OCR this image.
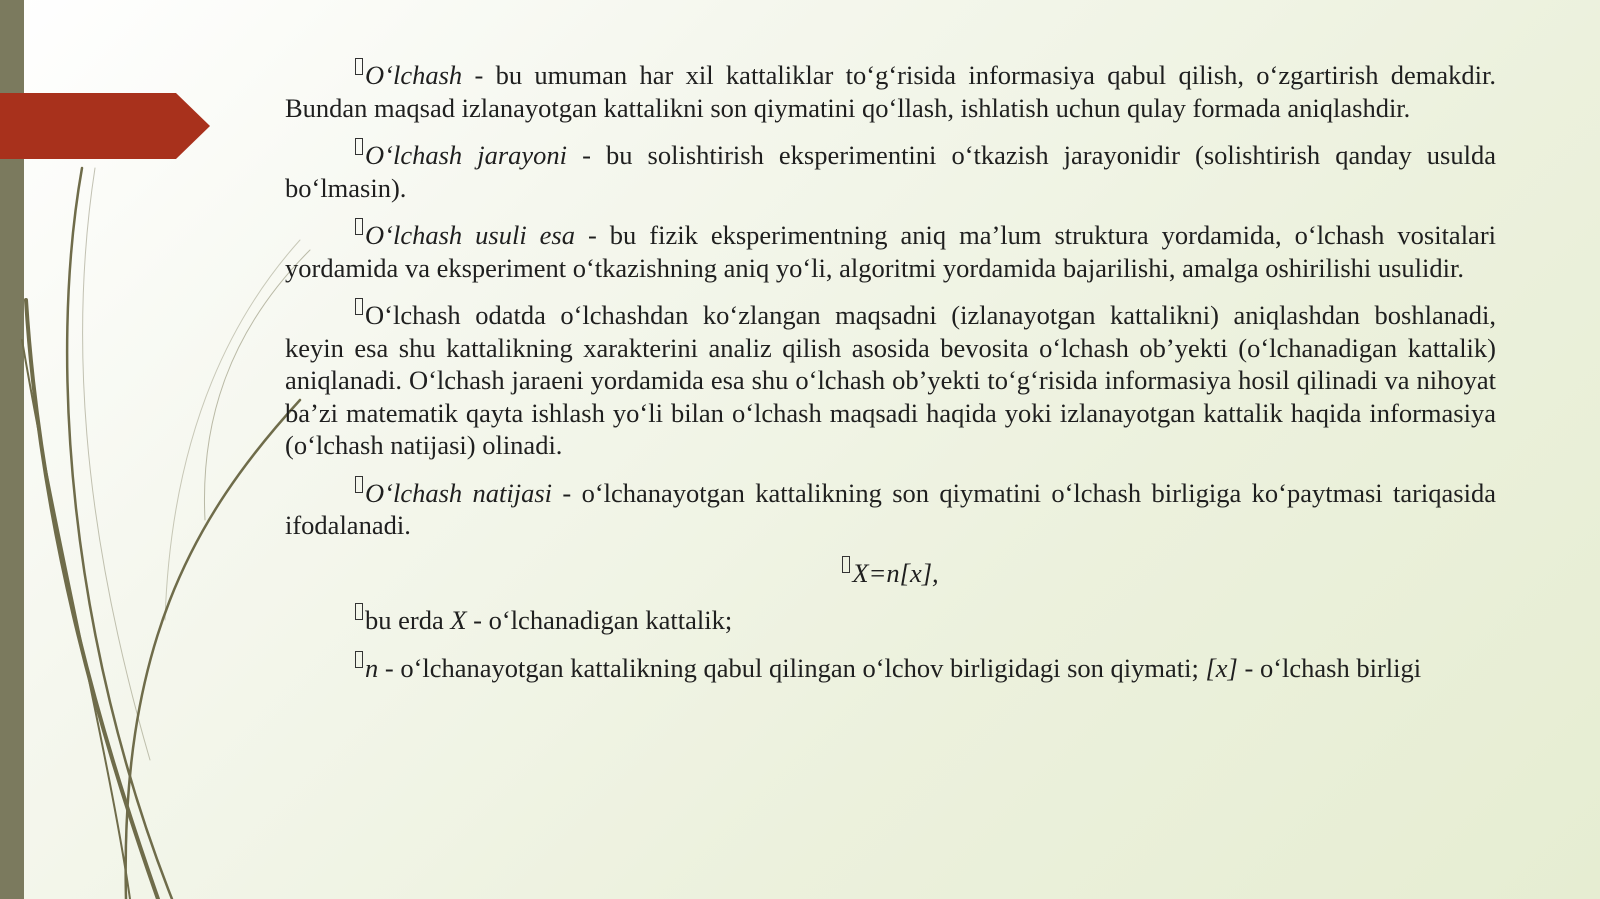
O‘lchash - bu umuman har xil kattaliklar to‘g‘risida informasiya qabul qilish, o‘zgartirish demakdir. Bundan maqsad izlanayotgan kattalikni son qiymatini qo‘llash, ishlatish uchun qulay formada aniqlashdir.

O‘lchash jarayoni - bu solishtirish eksperimentini o‘tkazish jarayonidir (solishtirish qanday usulda bo‘lmasin).

O‘lchash usuli esa - bu fizik eksperimentning aniq ma’lum struktura yordamida, o‘lchash vositalari yordamida va eksperiment o‘tkazishning aniq yo‘li, algoritmi yordamida bajarilishi, amalga oshirilishi usulidir.

O‘lchash odatda o‘lchashdan ko‘zlangan maqsadni (izlanayotgan kattalikni) aniqlashdan boshlanadi, keyin esa shu kattalikning xarakterini analiz qilish asosida bevosita o‘lchash ob’yekti (o‘lchanadigan kattalik) aniqlanadi. O‘lchash jaraeni yordamida esa shu o‘lchash ob’yekti to‘g‘risida informasiya hosil qilinadi va nihoyat ba’zi matematik qayta ishlash yo‘li bilan o‘lchash maqsadi haqida yoki izlanayotgan kattalik haqida informasiya (o‘lchash natijasi) olinadi.

O‘lchash natijasi - o‘lchanayotgan kattalikning son qiymatini o‘lchash birligiga ko‘paytmasi tariqasida ifodalanadi.

X=n[x],

bu erda X - o‘lchanadigan kattalik;

n - o‘lchanayotgan kattalikning qabul qilingan o‘lchov birligidagi son qiymati; [x] - o‘lchash birligi
